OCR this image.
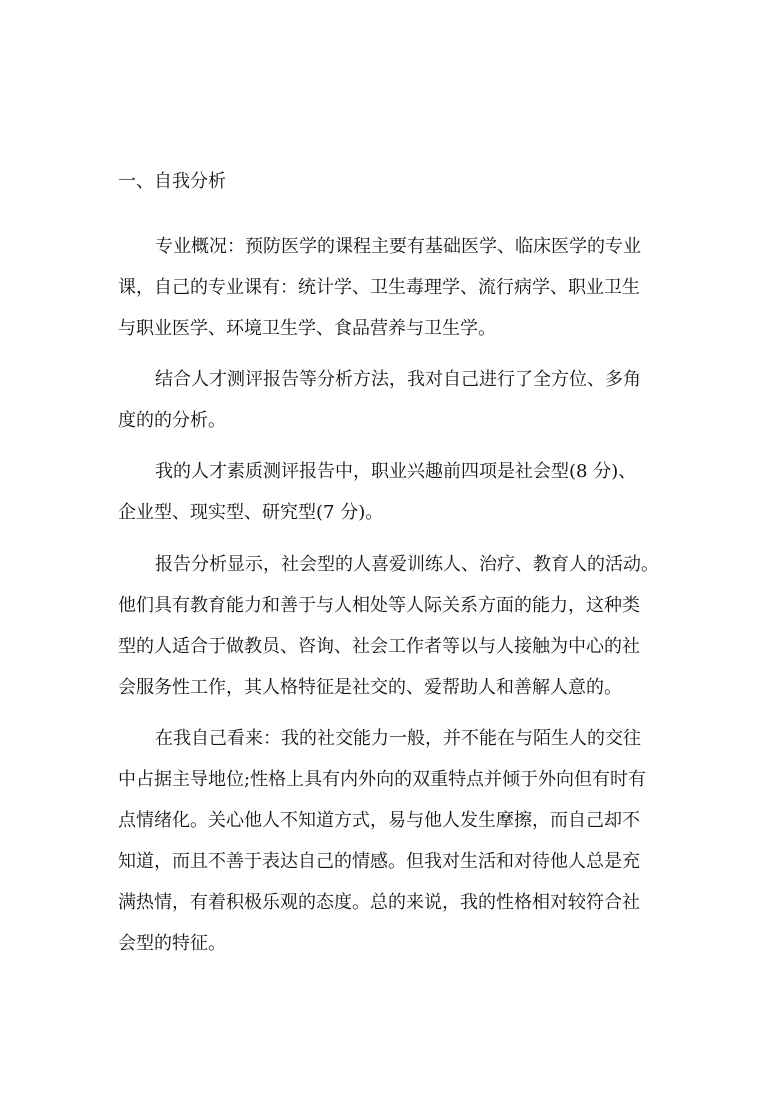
一、自我分析
专业概况：预防医学的课程主要有基础医学、临床医学的专业
课，自己的专业课有：统计学、卫生毒理学、流行病学、职业卫生
与职业医学、环境卫生学、食品营养与卫生学。
结合人才测评报告等分析方法，我对自己进行了全方位、多角
度的的分析。
我的人才素质测评报告中，职业兴趣前四项是社会型(8 分)、
企业型、现实型、研究型(7 分)。
报告分析显示，社会型的人喜爱训练人、治疗、教育人的活动。
他们具有教育能力和善于与人相处等人际关系方面的能力，这种类
型的人适合于做教员、咨询、社会工作者等以与人接触为中心的社
会服务性工作，其人格特征是社交的、爱帮助人和善解人意的。
在我自己看来：我的社交能力一般，并不能在与陌生人的交往
中占据主导地位;性格上具有内外向的双重特点并倾于外向但有时有
点情绪化。关心他人不知道方式，易与他人发生摩擦，而自己却不
知道，而且不善于表达自己的情感。但我对生活和对待他人总是充
满热情，有着积极乐观的态度。总的来说，我的性格相对较符合社
会型的特征。
